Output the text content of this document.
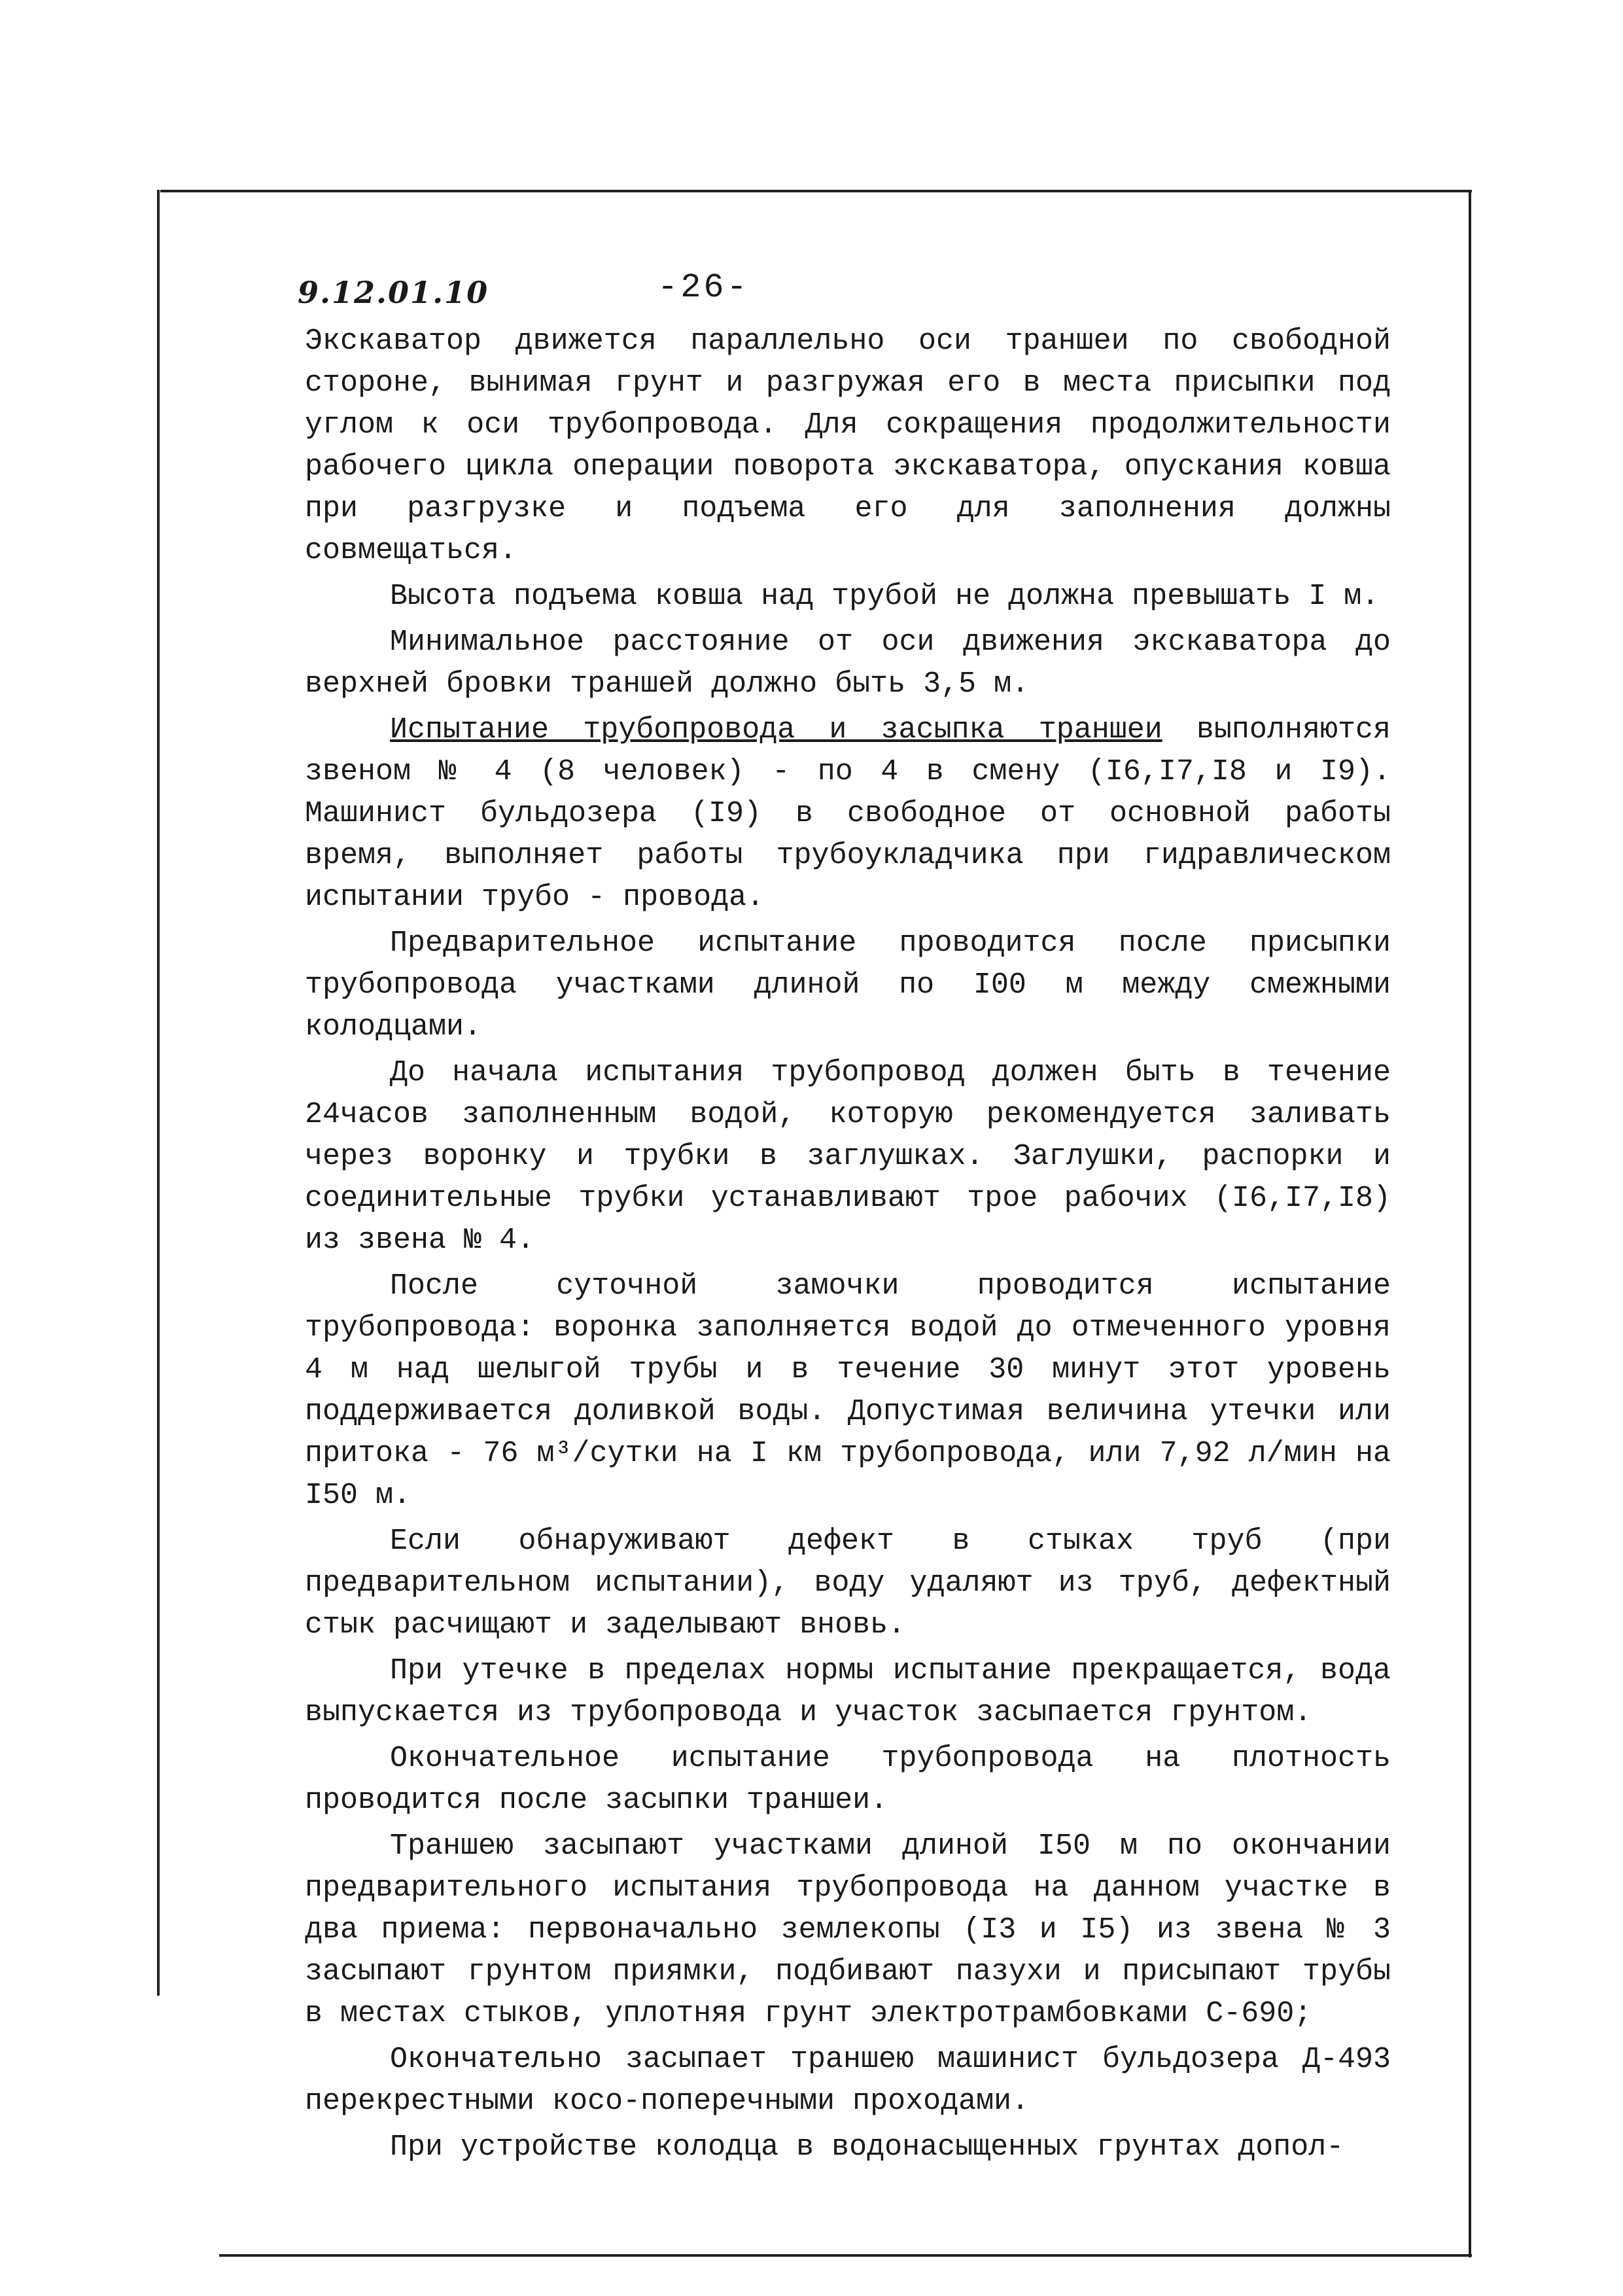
9.12.01.10	-26-

Экскаватор движется параллельно оси траншеи по свободной стороне, вынимая грунт и разгружая его в места присыпки под углом к оси трубопровода. Для сокращения продолжительности рабочего цикла операции поворота экскаватора, опускания ковша при разгрузке и подъема его для заполнения должны совмещаться.

Высота подъема ковша над трубой не должна превышать I м.

Минимальное расстояние от оси движения экскаватора до верхней бровки траншей должно быть 3,5 м.

Испытание трубопровода и засыпка траншеи выполняются звеном № 4 (8 человек) - по 4 в смену (I6,I7,I8 и I9). Машинист бульдозера (I9) в свободное от основной работы время, выполняет работы трубоукладчика при гидравлическом испытании трубо - провода.

Предварительное испытание проводится после присыпки трубопровода участками длиной по I00 м между смежными колодцами.

До начала испытания трубопровод должен быть в течение 24часов заполненным водой, которую рекомендуется заливать через воронку и трубки в заглушках. Заглушки, распорки и соединительные трубки устанавливают трое рабочих (I6,I7,I8) из звена № 4.

После суточной замочки проводится испытание трубопровода: воронка заполняется водой до отмеченного уровня 4 м над шелыгой трубы и в течение 30 минут этот уровень поддерживается доливкой воды. Допустимая величина утечки или притока - 76 м³/сутки на I км трубопровода, или 7,92 л/мин на I50 м.

Если обнаруживают дефект в стыках труб (при предварительном испытании), воду удаляют из труб, дефектный стык расчищают и заделывают вновь.

При утечке в пределах нормы испытание прекращается, вода выпускается из трубопровода и участок засыпается грунтом.

Окончательное испытание трубопровода на плотность проводится после засыпки траншеи.

Траншею засыпают участками длиной I50 м по окончании предварительного испытания трубопровода на данном участке в два приема: первоначально землекопы (I3 и I5) из звена № 3 засыпают грунтом приямки, подбивают пазухи и присыпают трубы в местах стыков, уплотняя грунт электротрамбовками С-690;

Окончательно засыпает траншею машинист бульдозера Д-493 перекрестными косо-поперечными проходами.

При устройстве колодца в водонасыщенных грунтах допол-
